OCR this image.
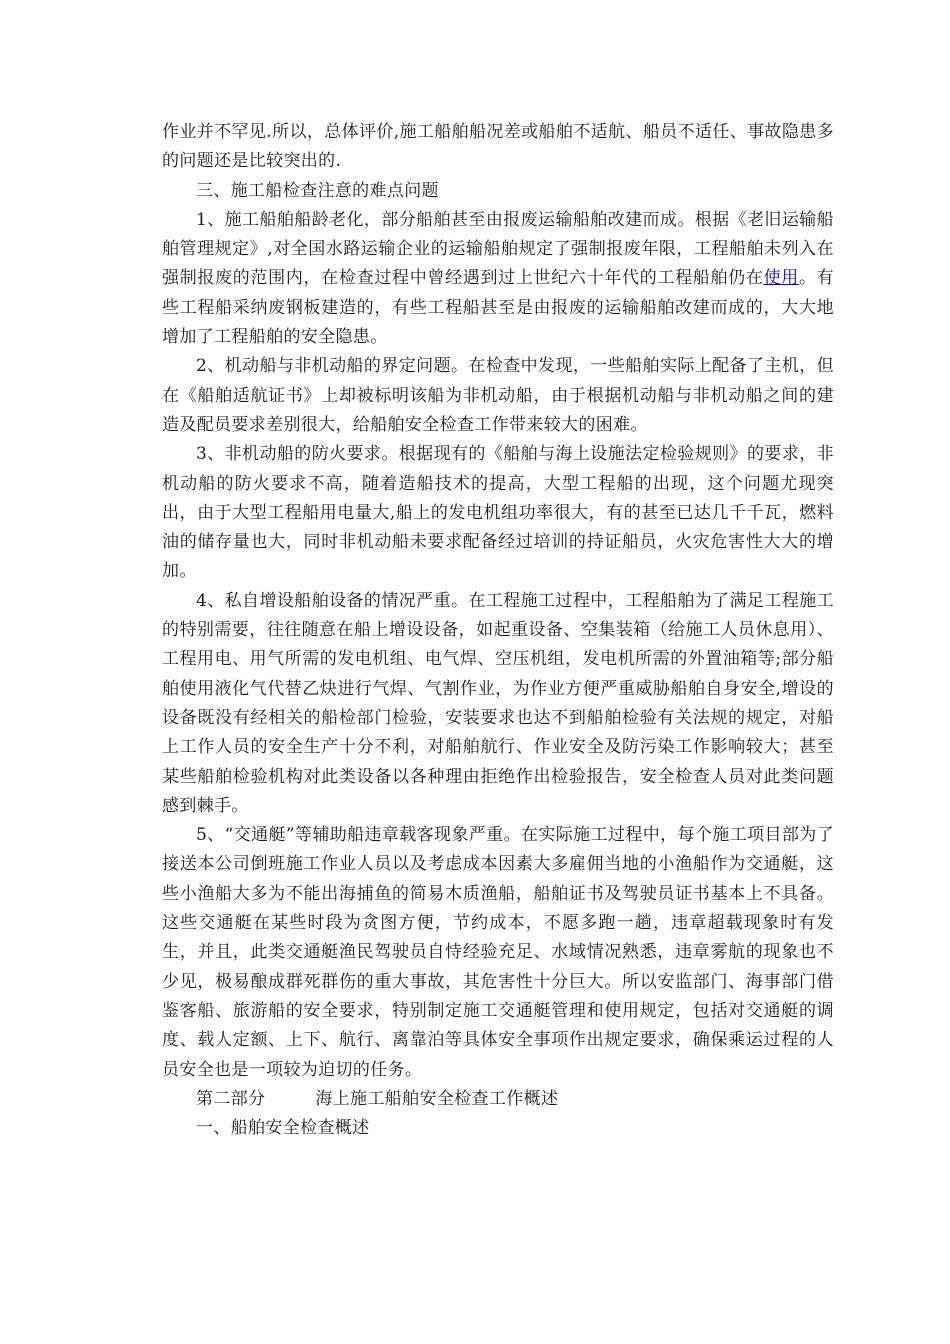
作业并不罕见.所以，总体评价,施工船舶船况差或船舶不适航、船员不适任、事故隐患多的问题还是比较突出的.

三、施工船检查注意的难点问题

1、施工船舶船龄老化，部分船舶甚至由报废运输船舶改建而成。根据《老旧运输船舶管理规定》,对全国水路运输企业的运输船舶规定了强制报废年限，工程船舶未列入在强制报废的范围内，在检查过程中曾经遇到过上世纪六十年代的工程船舶仍在使用。有些工程船采纳废钢板建造的，有些工程船甚至是由报废的运输船舶改建而成的，大大地增加了工程船舶的安全隐患。

2、机动船与非机动船的界定问题。在检查中发现，一些船舶实际上配备了主机，但在《船舶适航证书》上却被标明该船为非机动船，由于根据机动船与非机动船之间的建造及配员要求差别很大，给船舶安全检查工作带来较大的困难。

3、非机动船的防火要求。根据现有的《船舶与海上设施法定检验规则》的要求，非机动船的防火要求不高，随着造船技术的提高，大型工程船的出现，这个问题尤现突出，由于大型工程船用电量大,船上的发电机组功率很大，有的甚至已达几千千瓦，燃料油的储存量也大，同时非机动船未要求配备经过培训的持证船员，火灾危害性大大的增加。

4、私自增设船舶设备的情况严重。在工程施工过程中，工程船舶为了满足工程施工的特别需要，往往随意在船上增设设备，如起重设备、空集装箱（给施工人员休息用）、工程用电、用气所需的发电机组、电气焊、空压机组，发电机所需的外置油箱等;部分船舶使用液化气代替乙炔进行气焊、气割作业，为作业方便严重威胁船舶自身安全,增设的设备既没有经相关的船检部门检验，安装要求也达不到船舶检验有关法规的规定，对船上工作人员的安全生产十分不利，对船舶航行、作业安全及防污染工作影响较大；甚至某些船舶检验机构对此类设备以各种理由拒绝作出检验报告，安全检查人员对此类问题感到棘手。

5、“交通艇”等辅助船违章载客现象严重。在实际施工过程中，每个施工项目部为了接送本公司倒班施工作业人员以及考虑成本因素大多雇佣当地的小渔船作为交通艇，这些小渔船大多为不能出海捕鱼的简易木质渔船，船舶证书及驾驶员证书基本上不具备。这些交通艇在某些时段为贪图方便，节约成本，不愿多跑一趟，违章超载现象时有发生，并且，此类交通艇渔民驾驶员自恃经验充足、水域情况熟悉，违章雾航的现象也不少见，极易酿成群死群伤的重大事故，其危害性十分巨大。所以安监部门、海事部门借鉴客船、旅游船的安全要求，特别制定施工交通艇管理和使用规定，包括对交通艇的调度、载人定额、上下、航行、离靠泊等具体安全事项作出规定要求，确保乘运过程的人员安全也是一项较为迫切的任务。

第二部分	海上施工船舶安全检查工作概述

一、船舶安全检查概述
